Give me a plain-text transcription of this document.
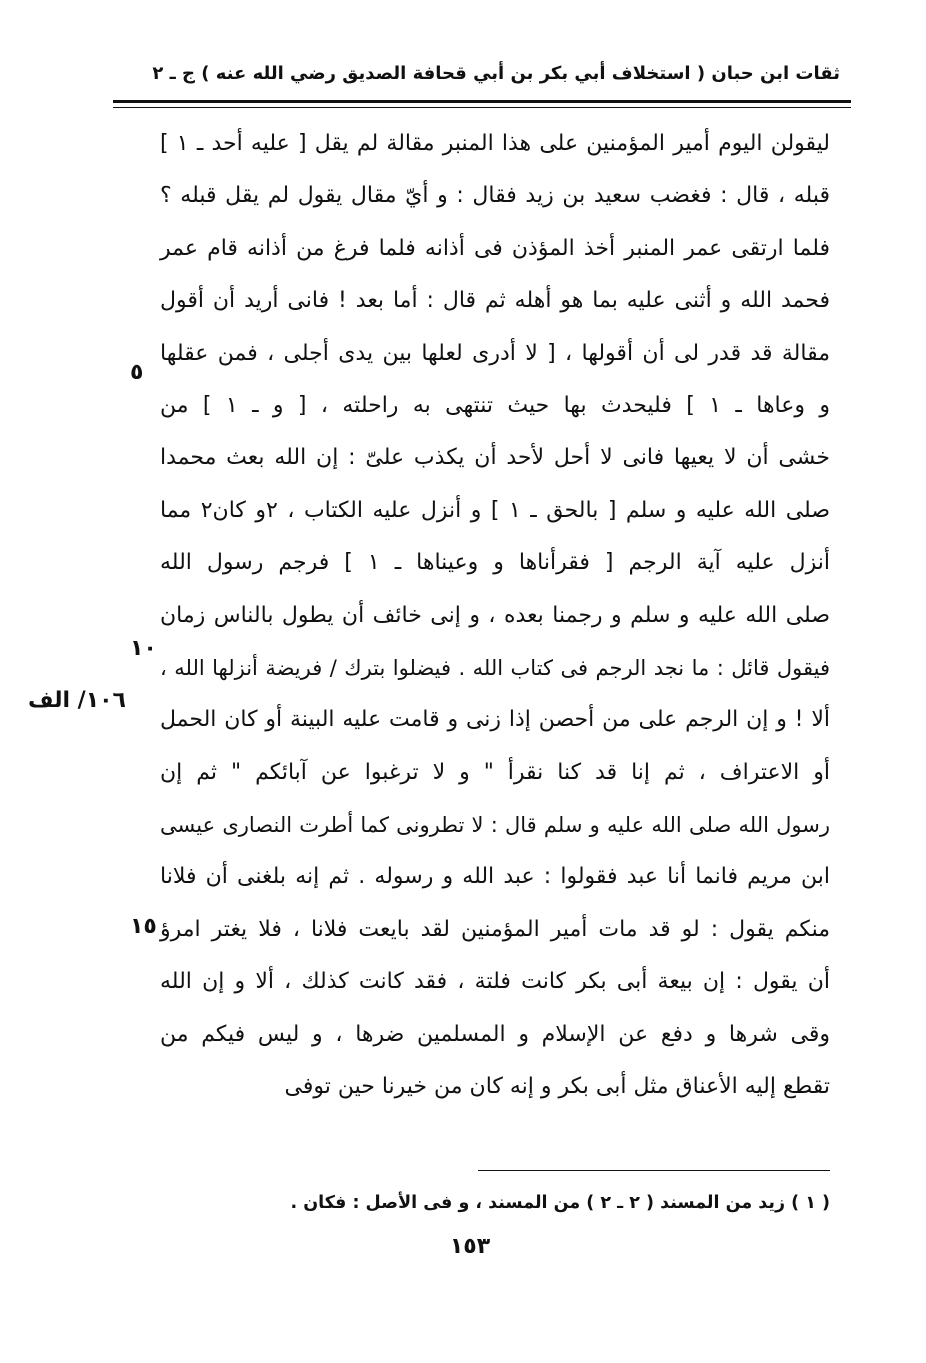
ثقات ابن حبان ( استخلاف أبي بكر بن أبي قحافة الصديق رضي الله عنه ) ج ـ ٢
ليقولن اليوم أمير المؤمنين على هذا المنبر مقالة لم يقل [ عليه أحد ـ ١ ]
قبله ، قال : فغضب سعيد بن زيد فقال : و أيّ مقال يقول لم يقل قبله ؟
فلما ارتقى عمر المنبر أخذ المؤذن فى أذانه فلما فرغ من أذانه قام عمر
فحمد الله و أثنى عليه بما هو أهله ثم قال : أما بعد ! فانى أريد أن أقول
مقالة قد قدر لى أن أقولها ، [ لا أدرى لعلها بين يدى أجلى ، فمن عقلها
و وعاها ـ ١ ] فليحدث بها حيث تنتهى به راحلته ، [ و ـ ١ ] من
خشى أن لا يعيها فانى لا أحل لأحد أن يكذب علىّ : إن الله بعث محمدا
صلى الله عليه و سلم [ بالحق ـ ١ ] و أنزل عليه الكتاب ، ٢و كان٢ مما
أنزل عليه آية الرجم [ فقرأناها و وعيناها ـ ١ ] فرجم رسول الله
صلى الله عليه و سلم و رجمنا بعده ، و إنى خائف أن يطول بالناس زمان
فيقول قائل : ما نجد الرجم فى كتاب الله . فيضلوا بترك / فريضة أنزلها الله ،
ألا ! و إن الرجم على من أحصن إذا زنى و قامت عليه البينة أو كان الحمل
أو الاعتراف ، ثم إنا قد كنا نقرأ " و لا ترغبوا عن آبائكم " ثم إن
رسول الله صلى الله عليه و سلم قال : لا تطرونى كما أطرت النصارى عيسى
ابن مريم فانما أنا عبد فقولوا : عبد الله و رسوله . ثم إنه بلغنى أن فلانا
منكم يقول : لو قد مات أمير المؤمنين لقد بايعت فلانا ، فلا يغتر امرؤ
أن يقول : إن بيعة أبى بكر كانت فلتة ، فقد كانت كذلك ، ألا و إن الله
وقى شرها و دفع عن الإسلام و المسلمين ضرها ، و ليس فيكم من
تقطع إليه الأعناق مثل أبى بكر و إنه كان من خيرنا حين توفى
٥
١٠
١٥
١٠٦/ الف
( ١ ) زيد من المسند ( ٢ ـ ٢ ) من المسند ، و فى الأصل : فكان .
١٥٣
